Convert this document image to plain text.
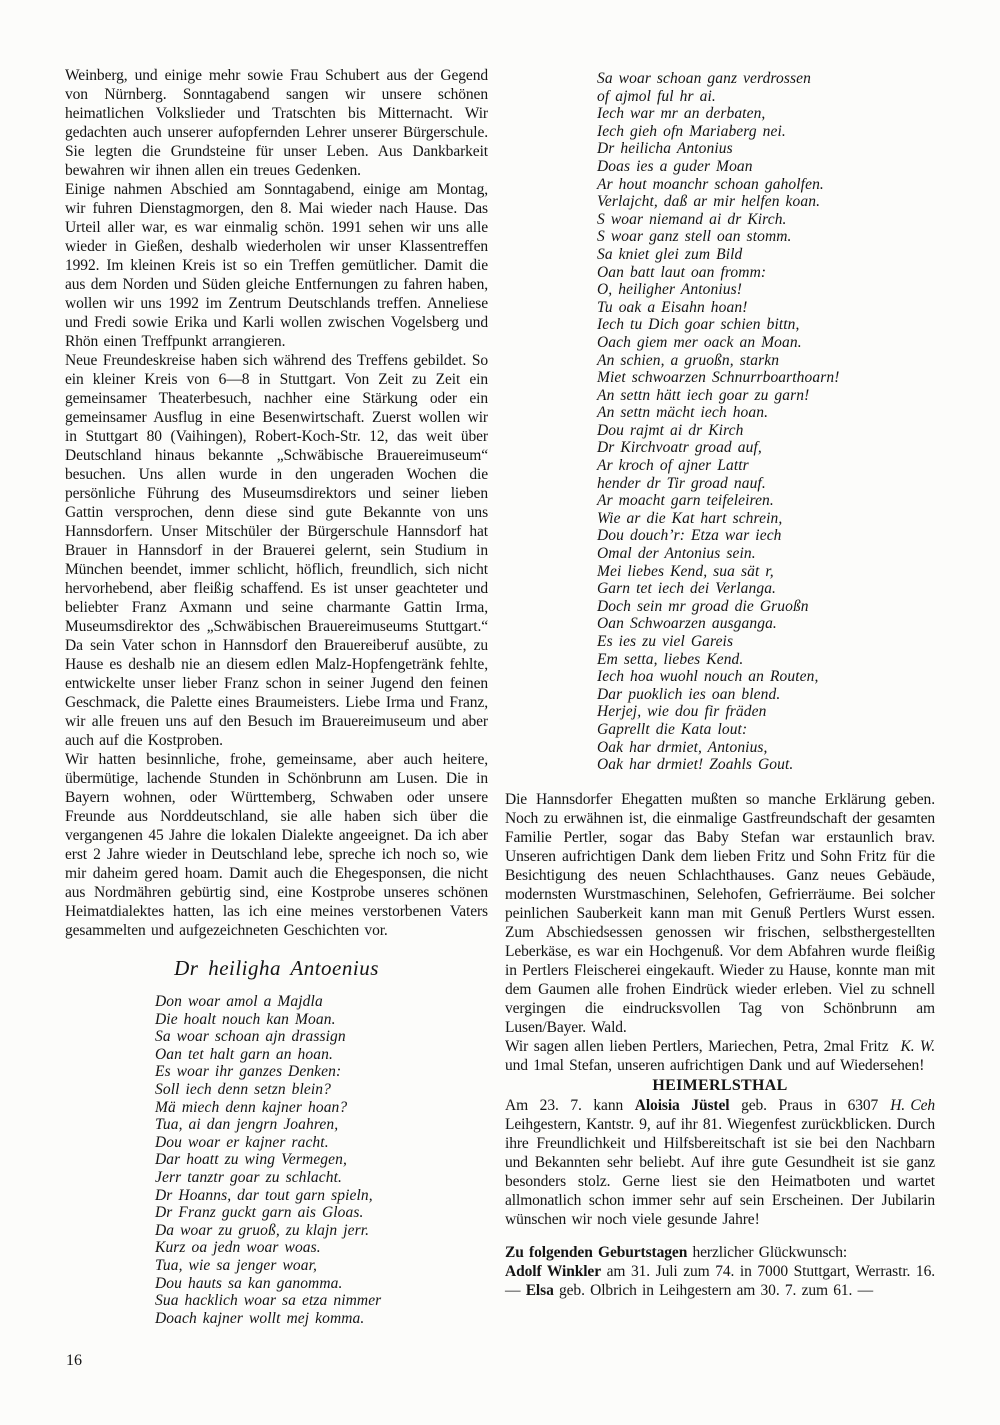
Weinberg, und einige mehr sowie Frau Schubert aus der Gegend von Nürnberg. Sonntagabend sangen wir unsere schönen heimatlichen Volkslieder und Tratschten bis Mitternacht. Wir gedachten auch unserer aufopfernden Lehrer unserer Bürgerschule. Sie legten die Grundsteine für unser Leben. Aus Dankbarkeit bewahren wir ihnen allen ein treues Gedenken.

Einige nahmen Abschied am Sonntagabend, einige am Montag, wir fuhren Dienstagmorgen, den 8. Mai wieder nach Hause. Das Urteil aller war, es war einmalig schön. 1991 sehen wir uns alle wieder in Gießen, deshalb wiederholen wir unser Klassentreffen 1992. Im kleinen Kreis ist so ein Treffen gemütlicher. Damit die aus dem Norden und Süden gleiche Entfernungen zu fahren haben, wollen wir uns 1992 im Zentrum Deutschlands treffen. Anneliese und Fredi sowie Erika und Karli wollen zwischen Vogelsberg und Rhön einen Treffpunkt arrangieren.

Neue Freundeskreise haben sich während des Treffens gebildet. So ein kleiner Kreis von 6—8 in Stuttgart. Von Zeit zu Zeit ein gemeinsamer Theaterbesuch, nachher eine Stärkung oder ein gemeinsamer Ausflug in eine Besenwirtschaft. Zuerst wollen wir in Stuttgart 80 (Vaihingen), Robert-Koch-Str. 12, das weit über Deutschland hinaus bekannte „Schwäbische Brauereimuseum“ besuchen. Uns allen wurde in den ungeraden Wochen die persönliche Führung des Museumsdirektors und seiner lieben Gattin versprochen, denn diese sind gute Bekannte von uns Hannsdorfern. Unser Mitschüler der Bürgerschule Hannsdorf hat Brauer in Hannsdorf in der Brauerei gelernt, sein Studium in München beendet, immer schlicht, höflich, freundlich, sich nicht hervorhebend, aber fleißig schaffend. Es ist unser geachteter und beliebter Franz Axmann und seine charmante Gattin Irma, Museumsdirektor des „Schwäbischen Brauereimuseums Stuttgart.“ Da sein Vater schon in Hannsdorf den Brauereiberuf ausübte, zu Hause es deshalb nie an diesem edlen Malz-Hopfengetränk fehlte, entwickelte unser lieber Franz schon in seiner Jugend den feinen Geschmack, die Palette eines Braumeisters. Liebe Irma und Franz, wir alle freuen uns auf den Besuch im Brauereimuseum und aber auch auf die Kostproben.

Wir hatten besinnliche, frohe, gemeinsame, aber auch heitere, übermütige, lachende Stunden in Schönbrunn am Lusen. Die in Bayern wohnen, oder Württemberg, Schwaben oder unsere Freunde aus Norddeutschland, sie alle haben sich über die vergangenen 45 Jahre die lokalen Dialekte angeeignet. Da ich aber erst 2 Jahre wieder in Deutschland lebe, spreche ich noch so, wie mir daheim gered hoam. Damit auch die Ehegesponsen, die nicht aus Nordmähren gebürtig sind, eine Kostprobe unseres schönen Heimatdialektes hatten, las ich eine meines verstorbenen Vaters gesammelten und aufgezeichneten Geschichten vor.

Dr heiligha Antoenius
Don woar amol a Majdla
Die hoalt nouch kan Moan.
Sa woar schoan ajn drassign
Oan tet halt garn an hoan.
Es woar ihr ganzes Denken:
Soll iech denn setzn blein?
Mä miech denn kajner hoan?
Tua, ai dan jengrn Joahren,
Dou woar er kajner racht.
Dar hoatt zu wing Vermegen,
Jerr tanztr goar zu schlacht.
Dr Hoanns, dar tout garn spieln,
Dr Franz guckt garn ais Gloas.
Da woar zu gruoß, zu klajn jerr.
Kurz oa jedn woar woas.
Tua, wie sa jenger woar,
Dou hauts sa kan ganomma.
Sua hacklich woar sa etza nimmer
Doach kajner wollt mej komma.
Sa woar schoan ganz verdrossen
of ajmol ful hr ai.
Iech war mr an derbaten,
Iech gieh ofn Mariaberg nei.
Dr heilicha Antonius
Doas ies a guder Moan
Ar hout moanchr schoan gaholfen.
Verlajcht, daß ar mir helfen koan.
S woar niemand ai dr Kirch.
S woar ganz stell oan stomm.
Sa kniet glei zum Bild
Oan batt laut oan fromm:
O, heiligher Antonius!
Tu oak a Eisahn hoan!
Iech tu Dich goar schien bittn,
Oach giem mer oack an Moan.
An schien, a gruoßn, starkn
Miet schwoarzen Schnurrboarthoarn!
An settn hätt iech goar zu garn!
An settn mächt iech hoan.
Dou rajmt ai dr Kirch
Dr Kirchvoatr groad auf,
Ar kroch of ajner Lattr
hender dr Tir groad nauf.
Ar moacht garn teifeleiren.
Wie ar die Kat hart schrein,
Dou douch’r: Etza war iech
Omal der Antonius sein.
Mei liebes Kend, sua sät r,
Garn tet iech dei Verlanga.
Doch sein mr groad die Gruoßn
Oan Schwoarzen ausganga.
Es ies zu viel Gareis
Em setta, liebes Kend.
Iech hoa wuohl nouch an Routen,
Dar puoklich ies oan blend.
Herjej, wie dou fir fräden
Gaprellt die Kata lout:
Oak har drmiet, Antonius,
Oak har drmiet! Zoahls Gout.

Die Hannsdorfer Ehegatten mußten so manche Erklärung geben. Noch zu erwähnen ist, die einmalige Gastfreundschaft der gesamten Familie Pertler, sogar das Baby Stefan war erstaunlich brav. Unseren aufrichtigen Dank dem lieben Fritz und Sohn Fritz für die Besichtigung des neuen Schlachthauses. Ganz neues Gebäude, modernsten Wurstmaschinen, Selehofen, Gefrierräume. Bei solcher peinlichen Sauberkeit kann man mit Genuß Pertlers Wurst essen. Zum Abschiedsessen genossen wir frischen, selbsthergestellten Leberkäse, es war ein Hochgenuß. Vor dem Abfahren wurde fleißig in Pertlers Fleischerei eingekauft. Wieder zu Hause, konnte man mit dem Gaumen alle frohen Eindrück wieder erleben. Viel zu schnell vergingen die eindrucksvollen Tag von Schönbrunn am Lusen/Bayer. Wald.

K. W.
Wir sagen allen lieben Pertlers, Mariechen, Petra, 2mal Fritz und 1mal Stefan, unseren aufrichtigen Dank und auf Wiedersehen!

HEIMERLSTHAL

H. Ceh
Am 23. 7. kann Aloisia Jüstel geb. Praus in 6307 Leihgestern, Kantstr. 9, auf ihr 81. Wiegenfest zurückblicken. Durch ihre Freundlichkeit und Hilfsbereitschaft ist sie bei den Nachbarn und Bekannten sehr beliebt. Auf ihre gute Gesundheit ist sie ganz besonders stolz. Gerne liest sie den Heimatboten und wartet allmonatlich schon immer sehr auf sein Erscheinen. Der Jubilarin wünschen wir noch viele gesunde Jahre!

Zu folgenden Geburtstagen herzlicher Glückwunsch:

Adolf Winkler am 31. Juli zum 74. in 7000 Stuttgart, Werrastr. 16. — Elsa geb. Olbrich in Leihgestern am 30. 7. zum 61. —

16
